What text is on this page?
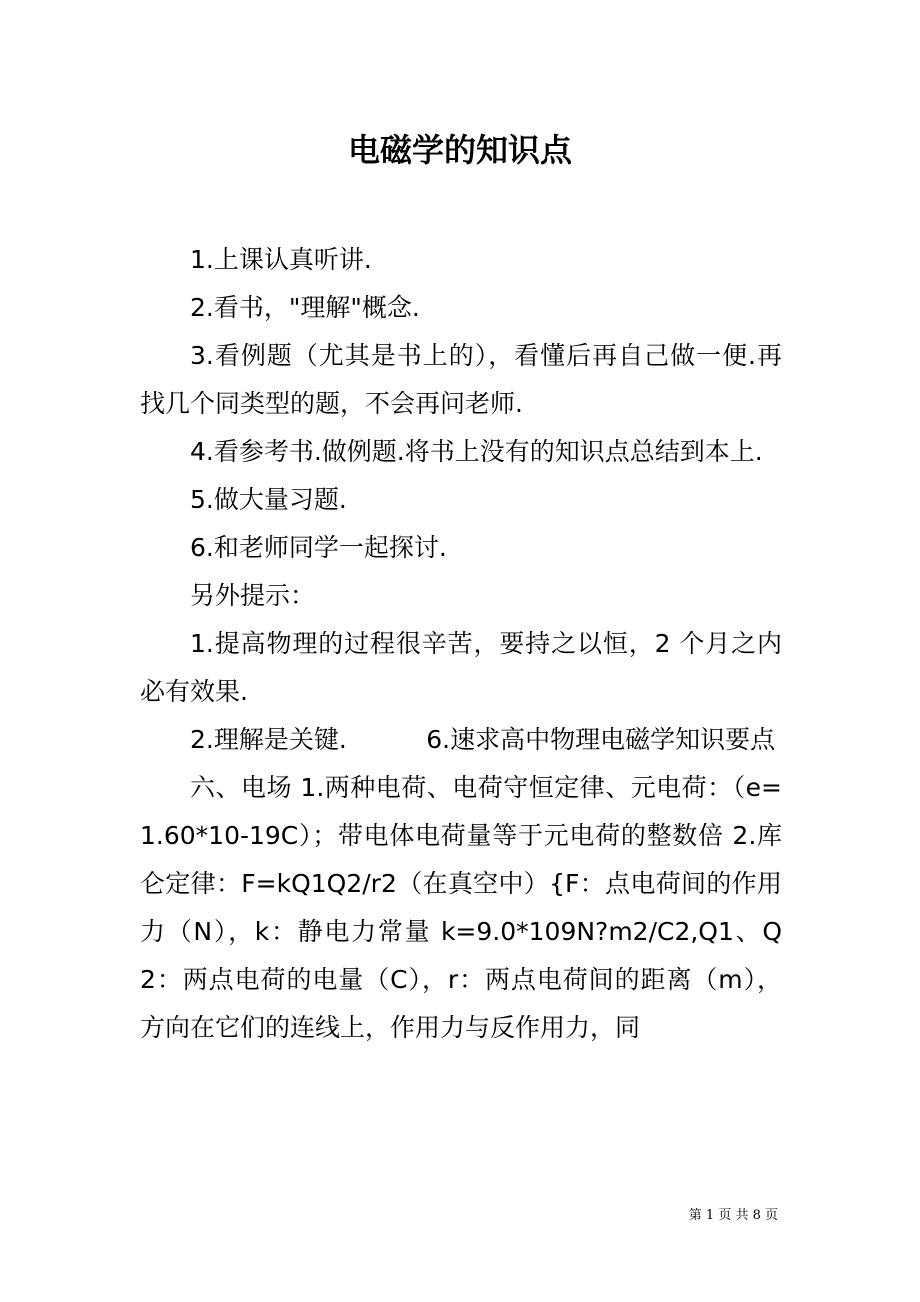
电磁学的知识点

1.上课认真听讲.

2.看书，"理解"概念.

3.看例题（尤其是书上的），看懂后再自己做一便.再找几个同类型的题，不会再问老师.

4.看参考书.做例题.将书上没有的知识点总结到本上.

5.做大量习题.

6.和老师同学一起探讨.

另外提示：

1.提高物理的过程很辛苦，要持之以恒，2 个月之内必有效果.

2.理解是关键.          6.速求高中物理电磁学知识要点

六、电场 1.两种电荷、电荷守恒定律、元电荷：（e=1.60*10-19C）；带电体电荷量等于元电荷的整数倍 2.库仑定律：F=kQ1Q2/r2（在真空中）{F：点电荷间的作用力（N），k：静电力常量 k=9.0*109N?m2/C2,Q1、Q2：两点电荷的电量（C），r：两点电荷间的距离（m），方向在它们的连线上，作用力与反作用力，同

第 1 页 共 8 页
